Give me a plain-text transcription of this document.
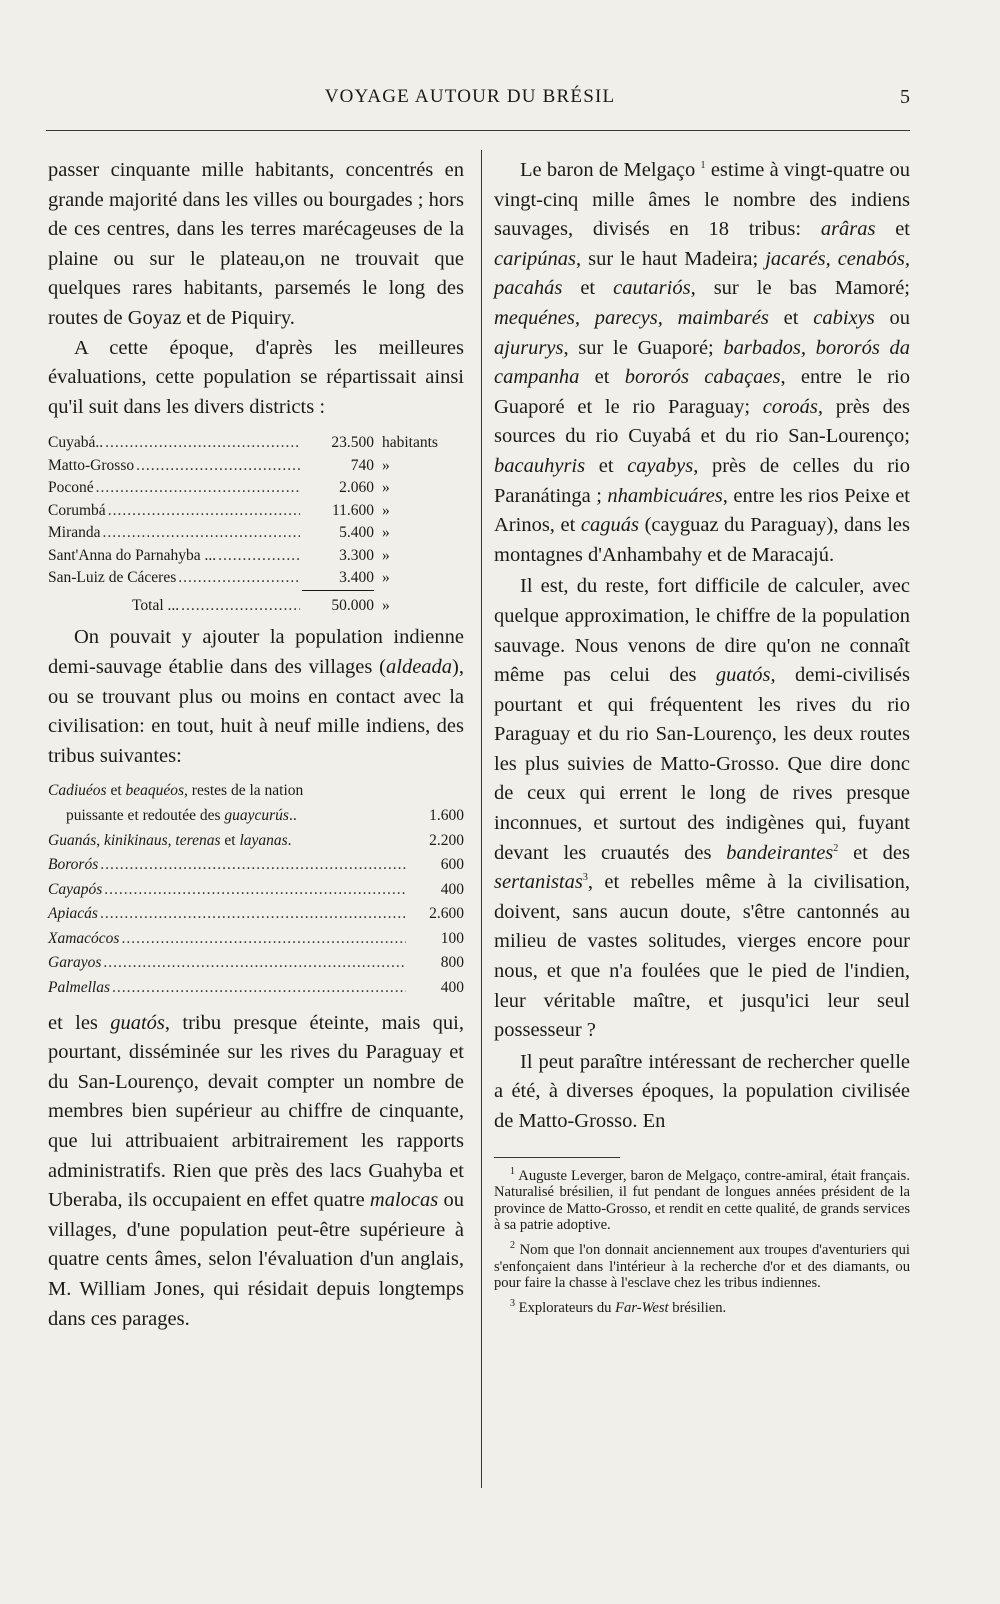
VOYAGE AUTOUR DU BRÉSIL	5

passer cinquante mille habitants, concentrés en grande majorité dans les villes ou bourgades ; hors de ces centres, dans les terres marécageuses de la plaine ou sur le plateau,on ne trouvait que quelques rares habitants, parsemés le long des routes de Goyaz et de Piquiry.

A cette époque, d'après les meilleures évaluations, cette population se répartissait ainsi qu'il suit dans les divers districts :

Cuyabá.. .....	23.500 habitants
Matto-Grosso .....	740 »
Poconé .....	2.060 »
Corumbá .....	11.600 »
Miranda .....	5.400 »
Sant'Anna do Parnahyba ... .....	3.300 »
San-Luiz de Cáceres .....	3.400 »
Total ... .....	50.000 »

On pouvait y ajouter la population indienne demi-sauvage établie dans des villages (aldeada), ou se trouvant plus ou moins en contact avec la civilisation: en tout, huit à neuf mille indiens, des tribus suivantes:

Cadiuéos et beaquéos, restes de la nation
puissante et redoutée des guaycurús..	1.600
Guanás, kinikinaus, terenas et layanas.	2.200
Bororós .....	600
Cayapós .....	400
Apiacás .....	2.600
Xamacócos .....	100
Garayos .....	800
Palmellas .....	400

et les guatós, tribu presque éteinte, mais qui, pourtant, disséminée sur les rives du Paraguay et du San-Lourenço, devait compter un nombre de membres bien supérieur au chiffre de cinquante, que lui attribuaient arbitrairement les rapports administratifs. Rien que près des lacs Guahyba et Uberaba, ils occupaient en effet quatre malocas ou villages, d'une population peut-être supérieure à quatre cents âmes, selon l'évaluation d'un anglais, M. William Jones, qui résidait depuis longtemps dans ces parages.

Le baron de Melgaço $^1$ estime à vingt-quatre ou vingt-cinq mille âmes le nombre des indiens sauvages, divisés en 18 tribus: arâras et caripúnas, sur le haut Madeira; jacarés, cenabós, pacahás et cautariós, sur le bas Mamoré; mequénes, parecys, maimbarés et cabixys ou ajururys, sur le Guaporé; barbados, bororós da campanha et bororós cabaçaes, entre le rio Guaporé et le rio Paraguay; coroás, près des sources du rio Cuyabá et du rio San-Lourenço; bacauhyris et cayabys, près de celles du rio Paranátinga ; nhambicuáres, entre les rios Peixe et Arinos, et caguás (cayguaz du Paraguay), dans les montagnes d'Anhambahy et de Maracajú.

Il est, du reste, fort difficile de calculer, avec quelque approximation, le chiffre de la population sauvage. Nous venons de dire qu'on ne connaît même pas celui des guatós, demi-civilisés pourtant et qui fréquentent les rives du rio Paraguay et du rio San-Lourenço, les deux routes les plus suivies de Matto-Grosso. Que dire donc de ceux qui errent le long de rives presque inconnues, et surtout des indigènes qui, fuyant devant les cruautés des bandeirantes$^2$ et des sertanistas$^3$, et rebelles même à la civilisation, doivent, sans aucun doute, s'être cantonnés au milieu de vastes solitudes, vierges encore pour nous, et que n'a foulées que le pied de l'indien, leur véritable maître, et jusqu'ici leur seul possesseur ?

Il peut paraître intéressant de rechercher quelle a été, à diverses époques, la population civilisée de Matto-Grosso. En

$^1$ Auguste Leverger, baron de Melgaço, contre-amiral, était français. Naturalisé brésilien, il fut pendant de longues années président de la province de Matto-Grosso, et rendit en cette qualité, de grands services à sa patrie adoptive.

$^2$ Nom que l'on donnait anciennement aux troupes d'aventuriers qui s'enfonçaient dans l'intérieur à la recherche d'or et des diamants, ou pour faire la chasse à l'esclave chez les tribus indiennes.

$^3$ Explorateurs du Far-West brésilien.
